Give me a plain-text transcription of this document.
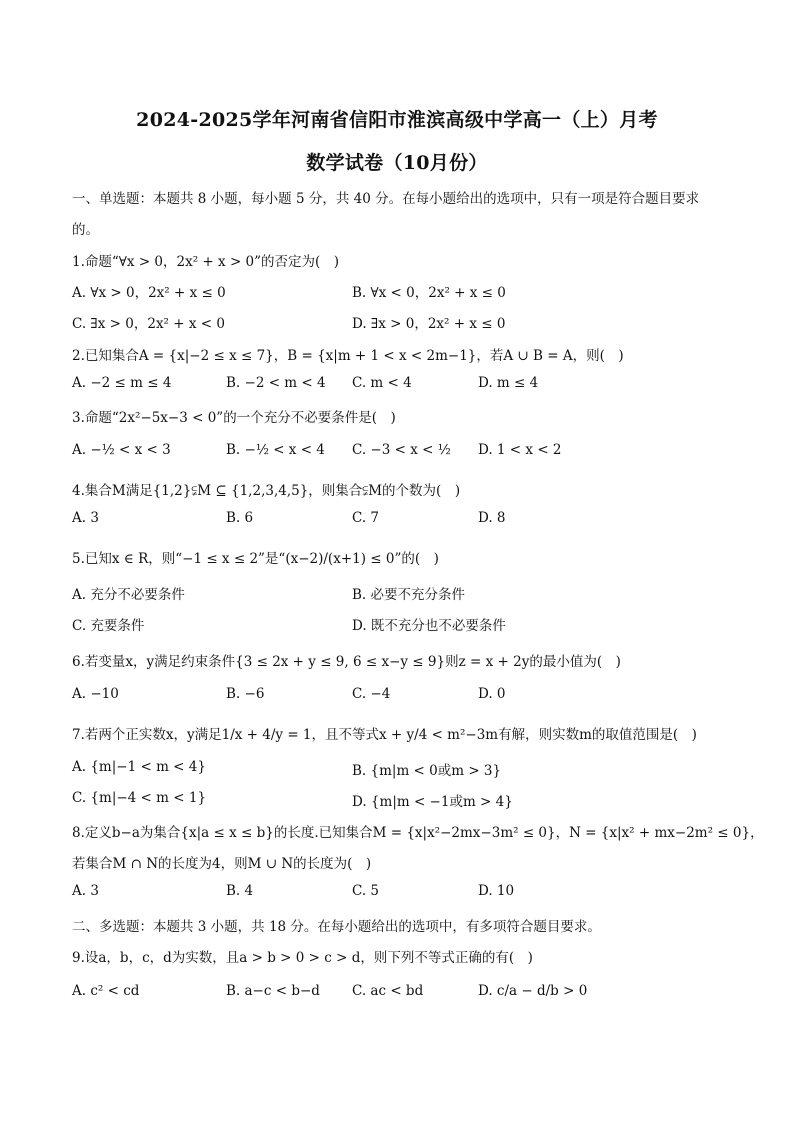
2024-2025学年河南省信阳市淮滨高级中学高一（上）月考
数学试卷（10月份）
一、单选题：本题共 8 小题，每小题 5 分，共 40 分。在每小题给出的选项中，只有一项是符合题目要求
的。
1.命题“∀x > 0，2x² + x > 0”的否定为(　)
A. ∀x > 0，2x² + x ≤ 0	B. ∀x < 0，2x² + x ≤ 0
C. ∃x > 0，2x² + x < 0	D. ∃x > 0，2x² + x ≤ 0
2.已知集合A = {x|−2 ≤ x ≤ 7}，B = {x|m + 1 < x < 2m−1}，若A ∪ B = A，则(　)
A. −2 ≤ m ≤ 4	B. −2 < m < 4 C. m < 4	D. m ≤ 4
3.命题“2x²−5x−3 < 0”的一个充分不必要条件是(　)
A. −½ < x < 3	B. −½ < x < 4 C. −3 < x < ½ D. 1 < x < 2
4.集合M满足{1,2}⫋M ⊆ {1,2,3,4,5}，则集合⫋M的个数为(　)
A. 3	B. 6	C. 7	D. 8
5.已知x ∈ R，则“−1 ≤ x ≤ 2”是“(x−2)/(x+1) ≤ 0”的(　)
A. 充分不必要条件	B. 必要不充分条件
C. 充要条件	D. 既不充分也不必要条件
6.若变量x，y满足约束条件{3 ≤ 2x + y ≤ 9, 6 ≤ x−y ≤ 9}则z = x + 2y的最小值为(　)
A. −10	B. −6	C. −4	D. 0
7.若两个正实数x，y满足1/x + 4/y = 1，且不等式x + y/4 < m²−3m有解，则实数m的取值范围是(　)
A. {m|−1 < m < 4}	B. {m|m < 0或m > 3}
C. {m|−4 < m < 1}	D. {m|m < −1或m > 4}
8.定义b−a为集合{x|a ≤ x ≤ b}的长度.已知集合M = {x|x²−2mx−3m² ≤ 0}，N = {x|x² + mx−2m² ≤ 0}，
若集合M ∩ N的长度为4，则M ∪ N的长度为(　)
A. 3	B. 4	C. 5	D. 10
二、多选题：本题共 3 小题，共 18 分。在每小题给出的选项中，有多项符合题目要求。
9.设a，b，c，d为实数，且a > b > 0 > c > d，则下列不等式正确的有(　)
A. c² < cd	B. a−c < b−d C. ac < bd	D. c/a − d/b > 0
